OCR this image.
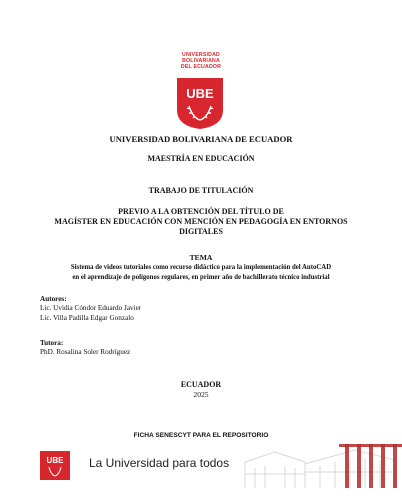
UNIVERSIDAD
BOLIVARIANA
DEL ECUADOR
UBE
UNIVERSIDAD BOLIVARIANA DE ECUADOR
MAESTRÍA EN EDUCACIÓN
TRABAJO DE TITULACIÓN
PREVIO A LA OBTENCIÓN DEL TÍTULO DE
MAGÍSTER EN EDUCACIÓN CON MENCIÓN EN PEDAGOGÍA EN ENTORNOS
DIGITALES
TEMA
Sistema de videos tutoriales como recurso didáctico para la implementación del AutoCAD
en el aprendizaje de polígonos regulares, en primer año de bachillerato técnico industrial
Autores:
Lic. Uvidia Cóndor Eduardo Javier
Lic. Villa Padilla Edgar Gonzalo
Tutora:
PhD. Rosalina Soler Rodríguez
ECUADOR
2025
FICHA SENESCYT PARA EL REPOSITORIO
UBE La Universidad para todos
